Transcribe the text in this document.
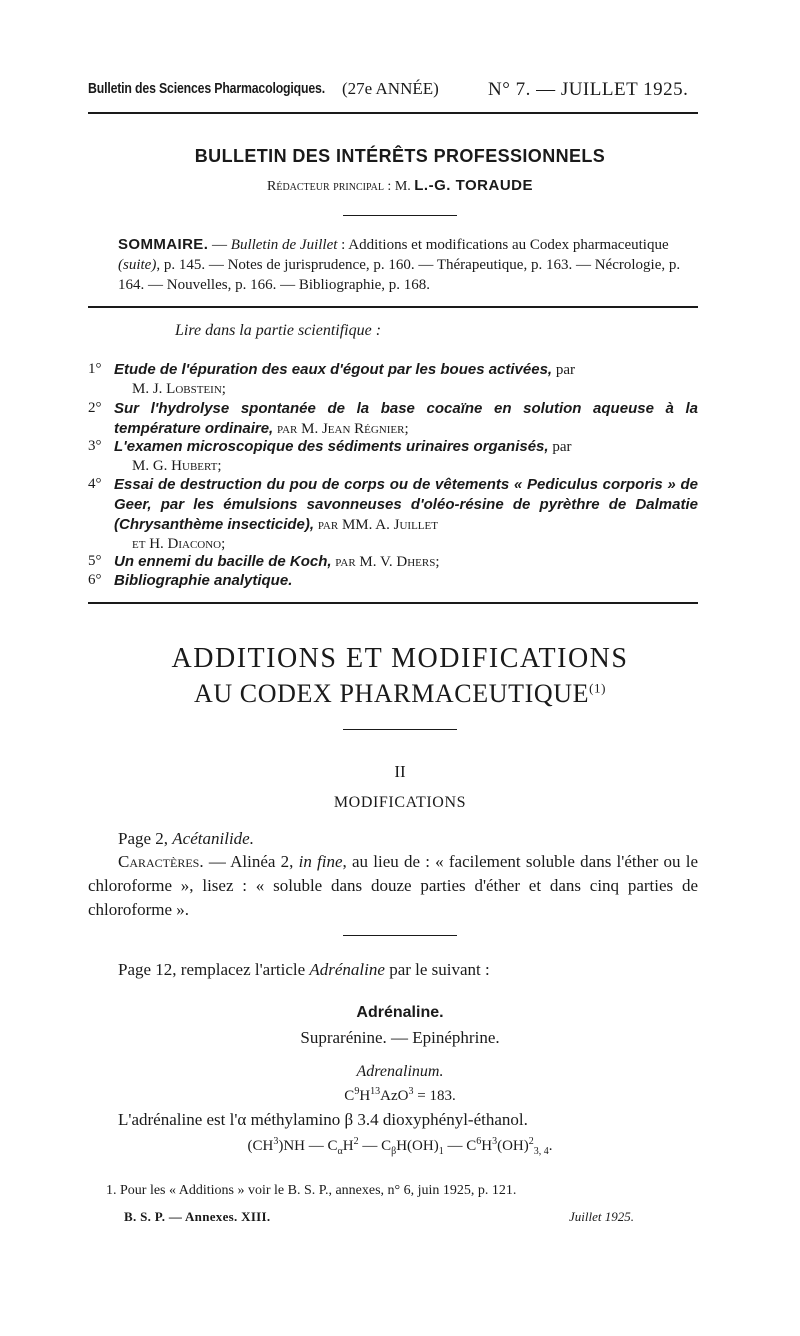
Bulletin des Sciences Pharmacologiques. (27e ANNÉE)	N° 7. — JUILLET 1925.
BULLETIN DES INTÉRÊTS PROFESSIONNELS
Rédacteur principal : M. L.-G. TORAUDE
SOMMAIRE. — Bulletin de Juillet : Additions et modifications au Codex pharmaceutique (suite), p. 145. — Notes de jurisprudence, p. 160. — Thérapeutique, p. 163. — Nécrologie, p. 164. — Nouvelles, p. 166. — Bibliographie, p. 168.
Lire dans la partie scientifique :
1° Etude de l'épuration des eaux d'égout par les boues activées, par
M. J. Lobstein;
2° Sur l'hydrolyse spontanée de la base cocaïne en solution aqueuse à la température ordinaire, par M. Jean Régnier;
3° L'examen microscopique des sédiments urinaires organisés, par
M. G. Hubert;
4° Essai de destruction du pou de corps ou de vêtements « Pediculus corporis » de Geer, par les émulsions savonneuses d'oléo-résine de pyrèthre de Dalmatie (Chrysanthème insecticide), par MM. A. Juillet
et H. Diacono;
5° Un ennemi du bacille de Koch, par M. V. Dhers;
6° Bibliographie analytique.
ADDITIONS ET MODIFICATIONS
AU CODEX PHARMACEUTIQUE$^{(1)}$
II
MODIFICATIONS
Page 2, Acétanilide.
Caractères. — Alinéa 2, in fine, au lieu de : « facilement soluble dans l'éther ou le chloroforme », lisez : « soluble dans douze parties d'éther et dans cinq parties de chloroforme ».
Page 12, remplacez l'article Adrénaline par le suivant :
Adrénaline.
Suprarénine. — Epinéphrine.
Adrenalinum.
$C^9H^{13}AzO^3 = 183$.
L'adrénaline est l'α méthylamino β 3.4 dioxyphényl-éthanol.
$(CH^3)NH$ — $C_\alpha H^2$ — $C_\beta H(OH)_1$ — $C^6H^3(OH)^2_{3, 4}$.
1. Pour les « Additions » voir le B. S. P., annexes, n° 6, juin 1925, p. 121.
B. S. P. — Annexes. XIII.	Juillet 1925.
